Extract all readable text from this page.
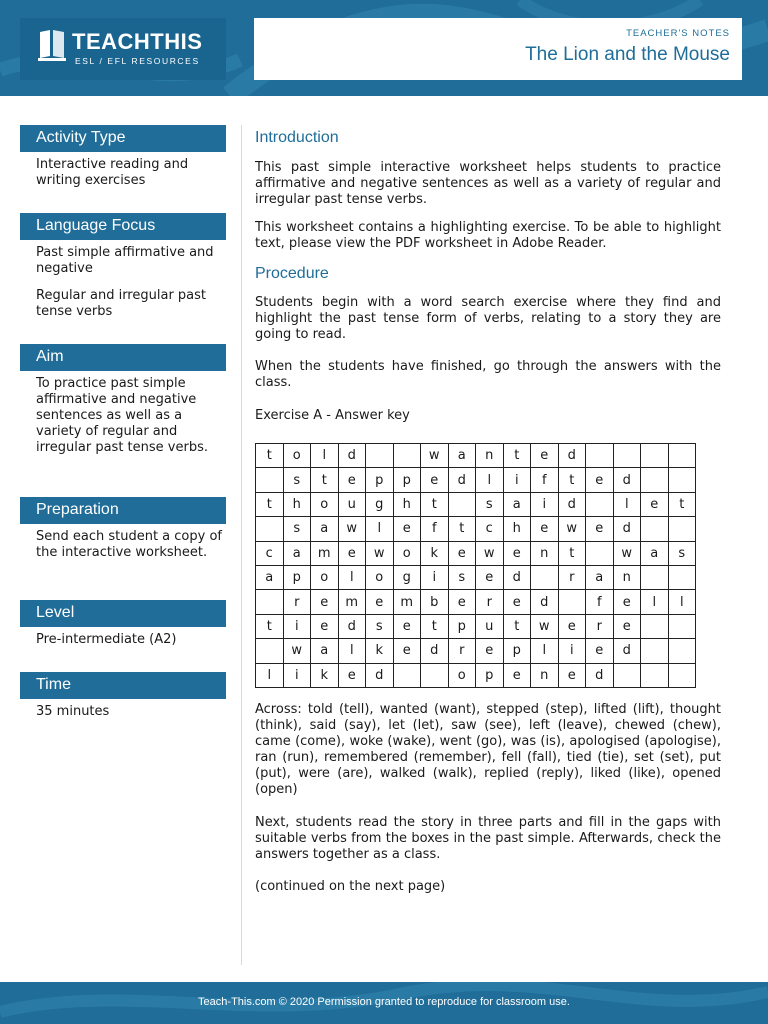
TEACHTHIS
ESL / EFL RESOURCES
TEACHER'S NOTES
The Lion and the Mouse
Activity Type

Interactive reading and writing exercises

Language Focus

Past simple affirmative and negative

Regular and irregular past tense verbs

Aim

To practice past simple affirmative and negative sentences as well as a variety of regular and irregular past tense verbs.

Preparation

Send each student a copy of the interactive worksheet.

Level

Pre-intermediate (A2)

Time

35 minutes

Introduction
This past simple interactive worksheet helps students to practice affirmative and negative sentences as well as a variety of regular and irregular past tense verbs.
This worksheet contains a highlighting exercise. To be able to highlight text, please view the PDF worksheet in Adobe Reader.
Procedure
Students begin with a word search exercise where they find and highlight the past tense form of verbs, relating to a story they are going to read.
When the students have finished, go through the answers with the class.
Exercise A - Answer key
Across: told (tell), wanted (want), stepped (step), lifted (lift), thought (think), said (say), let (let), saw (see), left (leave), chewed (chew), came (come), woke (wake), went (go), was (is), apologised (apologise), ran (run), remembered (remember), fell (fall), tied (tie), set (set), put (put), were (are), walked (walk), replied (reply), liked (like), opened (open)
Next, students read the story in three parts and fill in the gaps with suitable verbs from the boxes in the past simple. Afterwards, check the answers together as a class.
(continued on the next page)
t	o	l	d			w	a	n	t	e	d				
	s	t	e	p	p	e	d	l	i	f	t	e	d		
t	h	o	u	g	h	t		s	a	i	d		l	e	t
	s	a	w	l	e	f	t	c	h	e	w	e	d		
c	a	m	e	w	o	k	e	w	e	n	t		w	a	s
a	p	o	l	o	g	i	s	e	d		r	a	n		
	r	e	m	e	m	b	e	r	e	d		f	e	l	l
t	i	e	d	s	e	t	p	u	t	w	e	r	e		
	w	a	l	k	e	d	r	e	p	l	i	e	d		
l	i	k	e	d			o	p	e	n	e	d			
Teach-This.com © 2020 Permission granted to reproduce for classroom use.
